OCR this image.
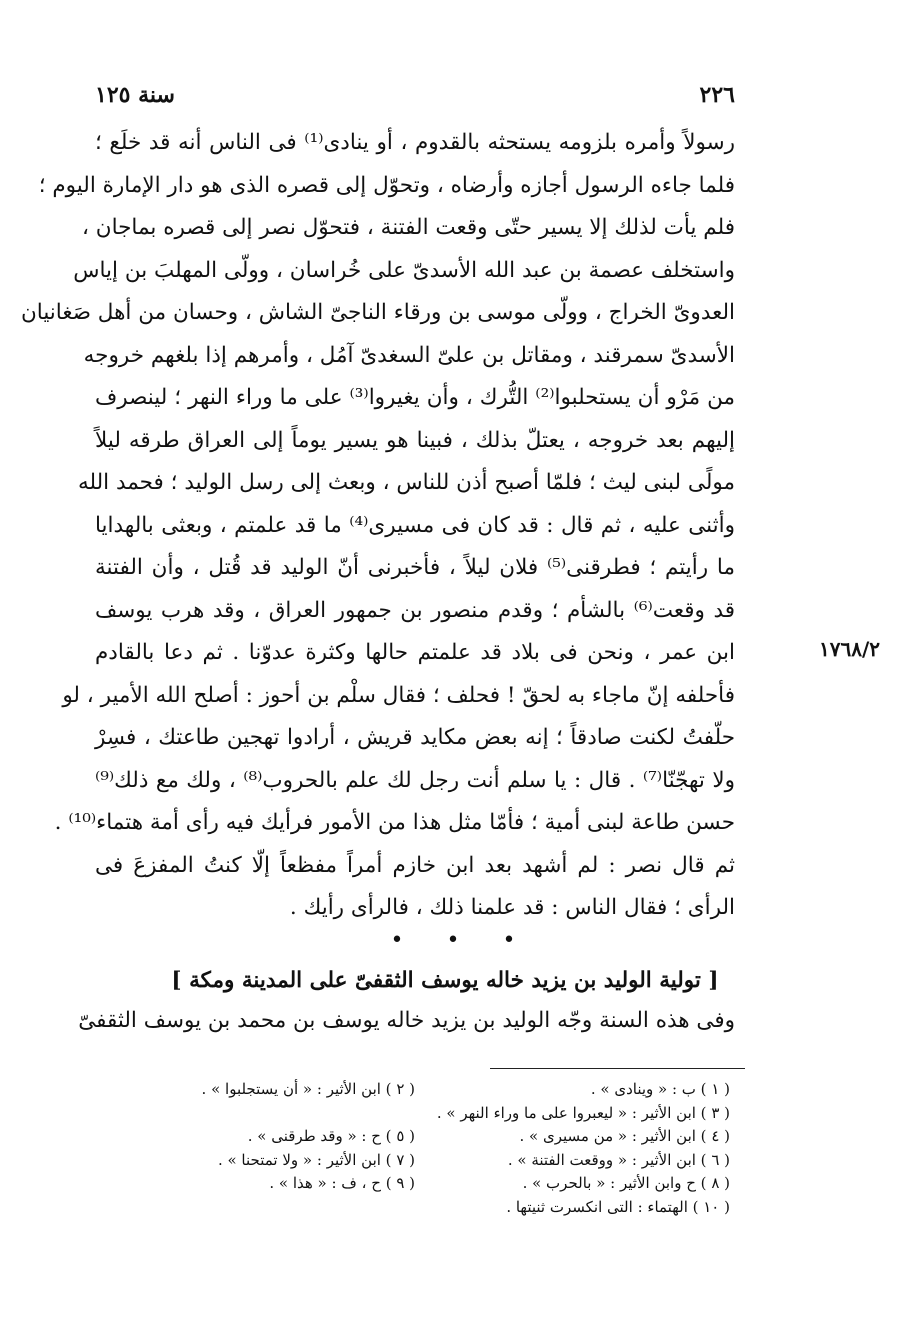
٢٢٦
سنة ١٢٥
١٧٦٨/٢
رسولاً وأمره بلزومه يستحثه بالقدوم ، أو ينادى⁽¹⁾ فى الناس أنه قد خلَع ؛
فلما جاءه الرسول أجازه وأرضاه ، وتحوّل إلى قصره الذى هو دار الإمارة اليوم ؛
فلم يأت لذلك إلا يسير حتّى وقعت الفتنة ، فتحوّل نصر إلى قصره بماجان ،
واستخلف عصمة بن عبد الله الأسدىّ على خُراسان ، وولّى المهلبَ بن إياس
العدوىّ الخراج ، وولّى موسى بن ورقاء الناجىّ الشاش ، وحسان من أهل صَغانيان
الأسدىّ سمرقند ، ومقاتل بن علىّ السغدىّ آمُل ، وأمرهم إذا بلغهم خروجه
من مَرْو أن يستحلبوا⁽²⁾ التُّرك ، وأن يغيروا⁽³⁾ على ما وراء النهر ؛ لينصرف
إليهم بعد خروجه ، يعتلّ بذلك ، فبينا هو يسير يوماً إلى العراق طرقه ليلاً
مولًى لبنى ليث ؛ فلمّا أصبح أذن للناس ، وبعث إلى رسل الوليد ؛ فحمد الله
وأثنى عليه ، ثم قال : قد كان فى مسيرى⁽⁴⁾ ما قد علمتم ، وبعثى بالهدايا
ما رأيتم ؛ فطرقنى⁽⁵⁾ فلان ليلاً ، فأخبرنى أنّ الوليد قد قُتل ، وأن الفتنة
قد وقعت⁽⁶⁾ بالشأم ؛ وقدم منصور بن جمهور العراق ، وقد هرب يوسف
ابن عمر ، ونحن فى بلاد قد علمتم حالها وكثرة عدوّنا . ثم دعا بالقادم
فأحلفه إنّ ماجاء به لحقّ ! فحلف ؛ فقال سلْم بن أحوز : أصلح الله الأمير ، لو
حلّفتُ لكنت صادقاً ؛ إنه بعض مكايد قريش ، أرادوا تهجين طاعتك ، فسِرْ
ولا تهجّنّا⁽⁷⁾ . قال : يا سلم أنت رجل لك علم بالحروب⁽⁸⁾ ، ولك مع ذلك⁽⁹⁾
حسن طاعة لبنى أمية ؛ فأمّا مثل هذا من الأمور فرأيك فيه رأى أمة هتماء⁽¹⁰⁾ .
ثم قال نصر : لم أشهد بعد ابن خازم أمراً مفظعاً إلّا كنتُ المفزعَ فى
الرأى ؛ فقال الناس : قد علمنا ذلك ، فالرأى رأيك .
• • •
[ تولية الوليد بن يزيد خاله يوسف الثقفىّ على المدينة ومكة ]
وفى هذه السنة وجّه الوليد بن يزيد خاله يوسف بن محمد بن يوسف الثقفىّ
( ١ ) ب : « وينادى » .
( ٢ ) ابن الأثير : « أن يستجلبوا » .
( ٣ ) ابن الأثير : « ليعبروا على ما وراء النهر » .
( ٤ ) ابن الأثير : « من مسيرى » .
( ٥ ) ح : « وقد طرقنى » .
( ٦ ) ابن الأثير : « ووقعت الفتنة » .
( ٧ ) ابن الأثير : « ولا تمتحنا » .
( ٨ ) ح وابن الأثير : « بالحرب » .
( ٩ ) ح ، ف : « هذا » .
( ١٠ ) الهتماء : التى انكسرت ثنيتها .
